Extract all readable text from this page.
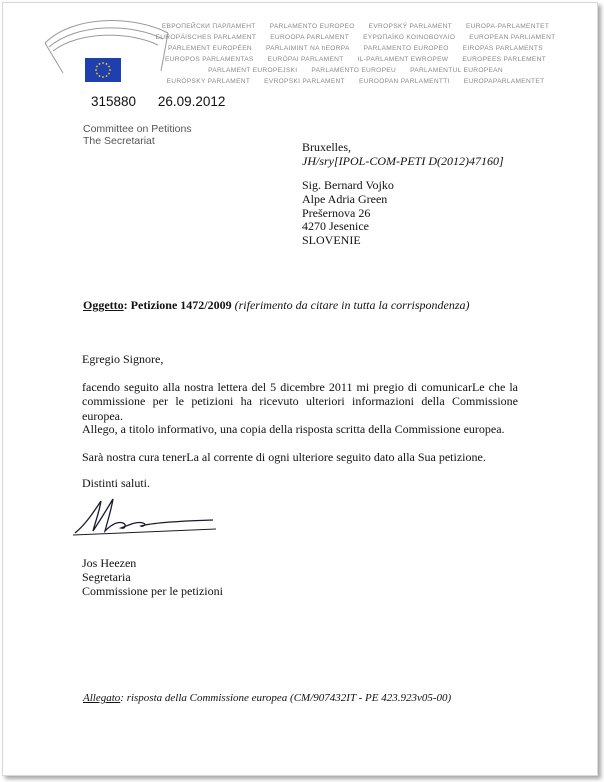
ЕВРОПЕЙСКИ ПАРЛАМЕНТ PARLAMENTO EUROPEO EVROPSKÝ PARLAMENT EUROPA-PARLAMENTET
EUROPÄISCHES PARLAMENT EUROOPA PARLAMENT ΕΥΡΩΠΑΪΚΟ ΚΟΙΝΟΒΟΥΛΙΟ EUROPEAN PARLIAMENT
PARLEMENT EUROPÉEN PARLAIMINT NA hEORPA PARLAMENTO EUROPEO EIROPAS PARLAMENTS
EUROPOS PARLAMENTAS EURÓPAI PARLAMENT IL-PARLAMENT EWROPEW EUROPEES PARLEMENT
PARLAMENT EUROPEJSKI PARLAMENTO EUROPEU PARLAMENTUL EUROPEAN
EURÓPSKY PARLAMENT EVROPSKI PARLAMENT EUROOPAN PARLAMENTTI EUROPAPARLAMENTET
315880 26.09.2012
Committee on Petitions
The Secretariat	Bruxelles,
JH/sry[IPOL-COM-PETI D(2012)47160]
Sig. Bernard Vojko
Alpe Adria Green
Prešernova 26
4270 Jesenice
SLOVENIE
Oggetto: Petizione 1472/2009 (riferimento da citare in tutta la corrispondenza)
Egregio Signore,
facendo seguito alla nostra lettera del 5 dicembre 2011 mi pregio di comunicarLe che la commissione per le petizioni ha ricevuto ulteriori informazioni della Commissione europea.
Allego, a titolo informativo, una copia della risposta scritta della Commissione europea.
Sarà nostra cura tenerLa al corrente di ogni ulteriore seguito dato alla Sua petizione.
Distinti saluti.
Jos Heezen
Segretaria
Commissione per le petizioni
Allegato: risposta della Commissione europea (CM/907432IT - PE 423.923v05-00)
